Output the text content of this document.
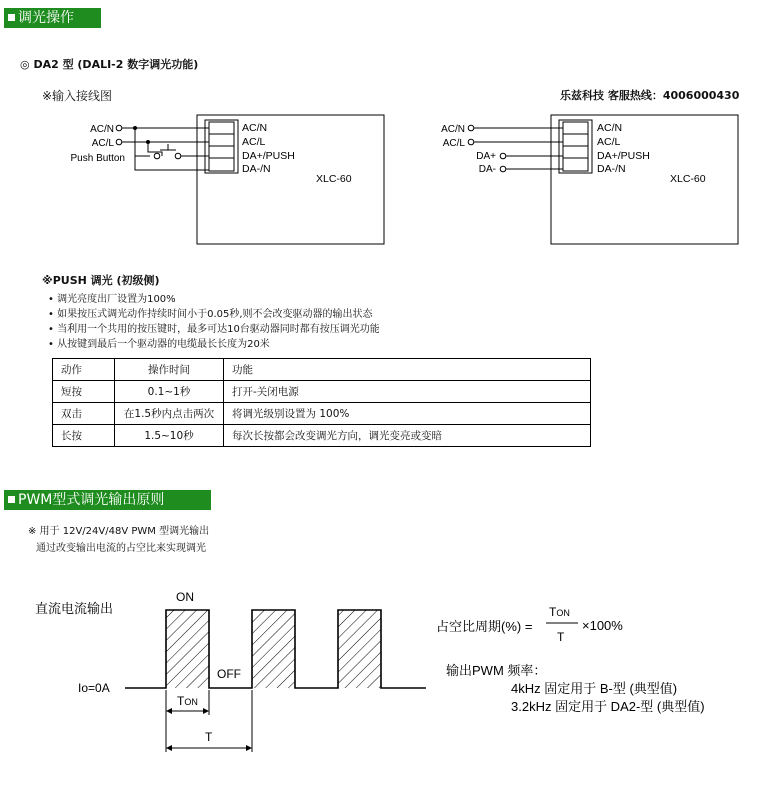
调光操作
◎ DA2 型 (DALI-2 数字调光功能)
※输入接线图	乐兹科技 客服热线：4006000430
AC/N
AC/L
DA+/PUSH
DA-/N
XLC-60
AC/N
AC/L
Push Button
AC/N
AC/L
DA+/PUSH
DA-/N
XLC-60
AC/N
AC/L
DA+
DA-
※PUSH 调光 (初级侧)
• 调光亮度出厂设置为100%
• 如果按压式调光动作持续时间小于0.05秒,则不会改变驱动器的输出状态
• 当利用一个共用的按压键时，最多可达10台驱动器同时都有按压调光功能
• 从按键到最后一个驱动器的电缆最长长度为20米
动作	操作时间	功能
短按	0.1~1秒	打开-关闭电源
双击	在1.5秒内点击两次	将调光级别设置为 100%
长按	1.5~10秒	每次长按都会改变调光方向，调光变亮或变暗
PWM型式调光输出原则
※ 用于 12V/24V/48V PWM 型调光输出
通过改变输出电流的占空比来实现调光
直流电流输出
ON
OFF
Io=0A
TON
T
占空比周期(%) =
TON
T
×100%
输出PWM 频率：
4kHz 固定用于 B-型 (典型值)
3.2kHz 固定用于 DA2-型 (典型值)
